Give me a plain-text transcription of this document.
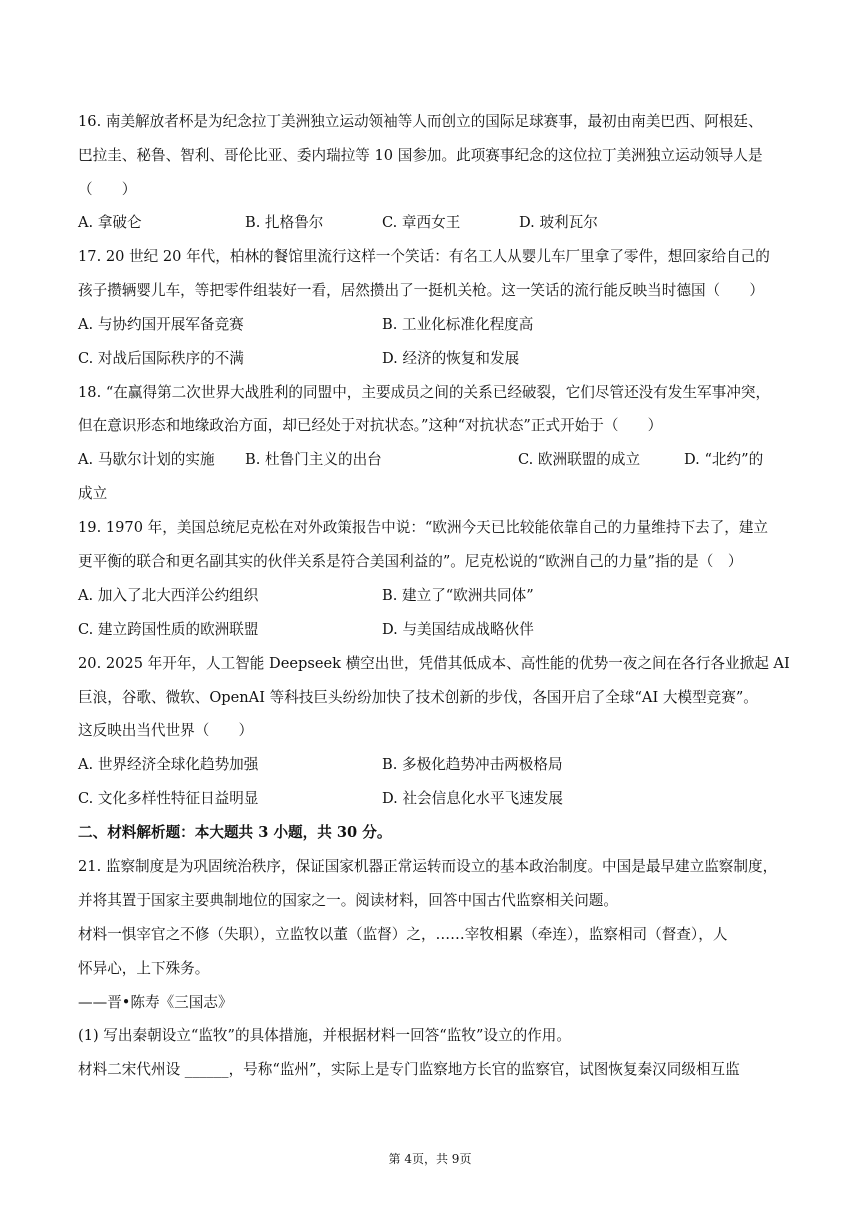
16. 南美解放者杯是为纪念拉丁美洲独立运动领袖等人而创立的国际足球赛事，最初由南美巴西、阿根廷、
巴拉圭、秘鲁、智利、哥伦比亚、委内瑞拉等 10 国参加。此项赛事纪念的这位拉丁美洲独立运动领导人是
（　　）
A. 拿破仑	B. 扎格鲁尔	C. 章西女王	D. 玻利瓦尔
17. 20 世纪 20 年代，柏林的餐馆里流行这样一个笑话：有名工人从婴儿车厂里拿了零件，想回家给自己的
孩子攒辆婴儿车，等把零件组装好一看，居然攒出了一挺机关枪。这一笑话的流行能反映当时德国（　　）
A. 与协约国开展军备竞赛	B. 工业化标准化程度高
C. 对战后国际秩序的不满	D. 经济的恢复和发展
18. “在赢得第二次世界大战胜利的同盟中，主要成员之间的关系已经破裂，它们尽管还没有发生军事冲突，
但在意识形态和地缘政治方面，却已经处于对抗状态。”这种“对抗状态”正式开始于（　　）
A. 马歇尔计划的实施 B. 杜鲁门主义的出台	C. 欧洲联盟的成立	D. “北约”的
成立
19. 1970 年，美国总统尼克松在对外政策报告中说：“欧洲今天已比较能依靠自己的力量维持下去了，建立
更平衡的联合和更名副其实的伙伴关系是符合美国利益的”。尼克松说的“欧洲自己的力量”指的是（　）
A. 加入了北大西洋公约组织	B. 建立了“欧洲共同体”
C. 建立跨国性质的欧洲联盟	D. 与美国结成战略伙伴
20. 2025 年开年，人工智能 Deepseek 横空出世，凭借其低成本、高性能的优势一夜之间在各行各业掀起 AI
巨浪，谷歌、微软、OpenAI 等科技巨头纷纷加快了技术创新的步伐，各国开启了全球“AI 大模型竞赛”。
这反映出当代世界（　　）
A. 世界经济全球化趋势加强	B. 多极化趋势冲击两极格局
C. 文化多样性特征日益明显	D. 社会信息化水平飞速发展
二、材料解析题：本大题共 3 小题，共 30 分。
21. 监察制度是为巩固统治秩序，保证国家机器正常运转而设立的基本政治制度。中国是最早建立监察制度，
并将其置于国家主要典制地位的国家之一。阅读材料，回答中国古代监察相关问题。
材料一惧宰官之不修（失职），立监牧以董（监督）之，……宰牧相累（牵连），监察相司（督查），人
怀异心，上下殊务。
——晋•陈寿《三国志》
(1) 写出秦朝设立“监牧”的具体措施，并根据材料一回答“监牧”设立的作用。
材料二宋代州设 ______，号称“监州”，实际上是专门监察地方长官的监察官，试图恢复秦汉同级相互监
第 4页，共 9页
